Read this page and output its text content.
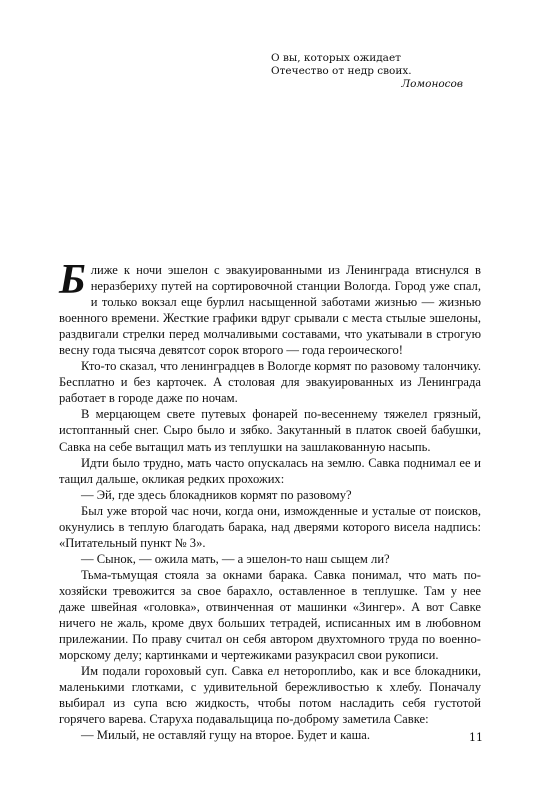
О вы, которых ожидает
Отечество от недр своих.
Ломоносов

Ближе к ночи эшелон с эвакуированными из Ленинграда втиснулся в неразберихy путей на сортировочной станции Вологда. Город уже спал, и только вокзал еще бурлил насыщенной заботами жизнью — жизнью военного времени. Жесткие графики вдруг срывали с места стылые эшелоны, раздвигали стрелки перед молчаливыми составами, что укатывали в строгую весну года тысяча девятсот сорок второго — года героического!

Кто-то сказал, что ленинградцев в Вологде кормят по разовому талончику. Бесплатно и без карточек. А столовая для эвакуированных из Ленинграда работает в городе даже по ночам.

В мерцающем свете путевых фонарей по-весеннему тяжелел грязный, истоптанный снег. Сыро было и зябко. Закутанный в платок своей бабушки, Савка на себе вытащил мать из теплушки на зашлакованную насыпь.

Идти было трудно, мать часто опускалась на землю. Савка поднимал ее и тащил дальше, окликая редких прохожих:

— Эй, где здесь блокадников кормят по разовому?

Был уже второй час ночи, когда они, изможденные и усталые от поисков, окунулись в теплую благодать барака, над дверями которого висела надпись: «Питательный пункт № 3».

— Сынок, — ожила мать, — а эшелон-то наш сыщем ли?

Тьма-тьмущая стояла за окнами барака. Савка понимал, что мать по-хозяйски тревожится за свое барахло, оставленное в теплушке. Там у нее даже швейная «головка», отвинченная от машинки «Зингер». А вот Савке ничего не жаль, кроме двух больших тетрадей, исписанных им в любовном прилежании. По праву считал он себя автором двухтомного труда по военно-морскому делу; картинками и чертежиками разукрасил свои рукописи.

Им подали гороховый суп. Савка ел нетороплиbо, как и все блокадники, маленькими глотками, с удивительной бережливостью к хлебу. Поначалу выбирал из супа всю жидкость, чтобы потом насладить себя густотой горячего варева. Старуха подавальщица по-доброму заметила Савке:

— Милый, не оставляй гущу на второе. Будет и каша.	11
